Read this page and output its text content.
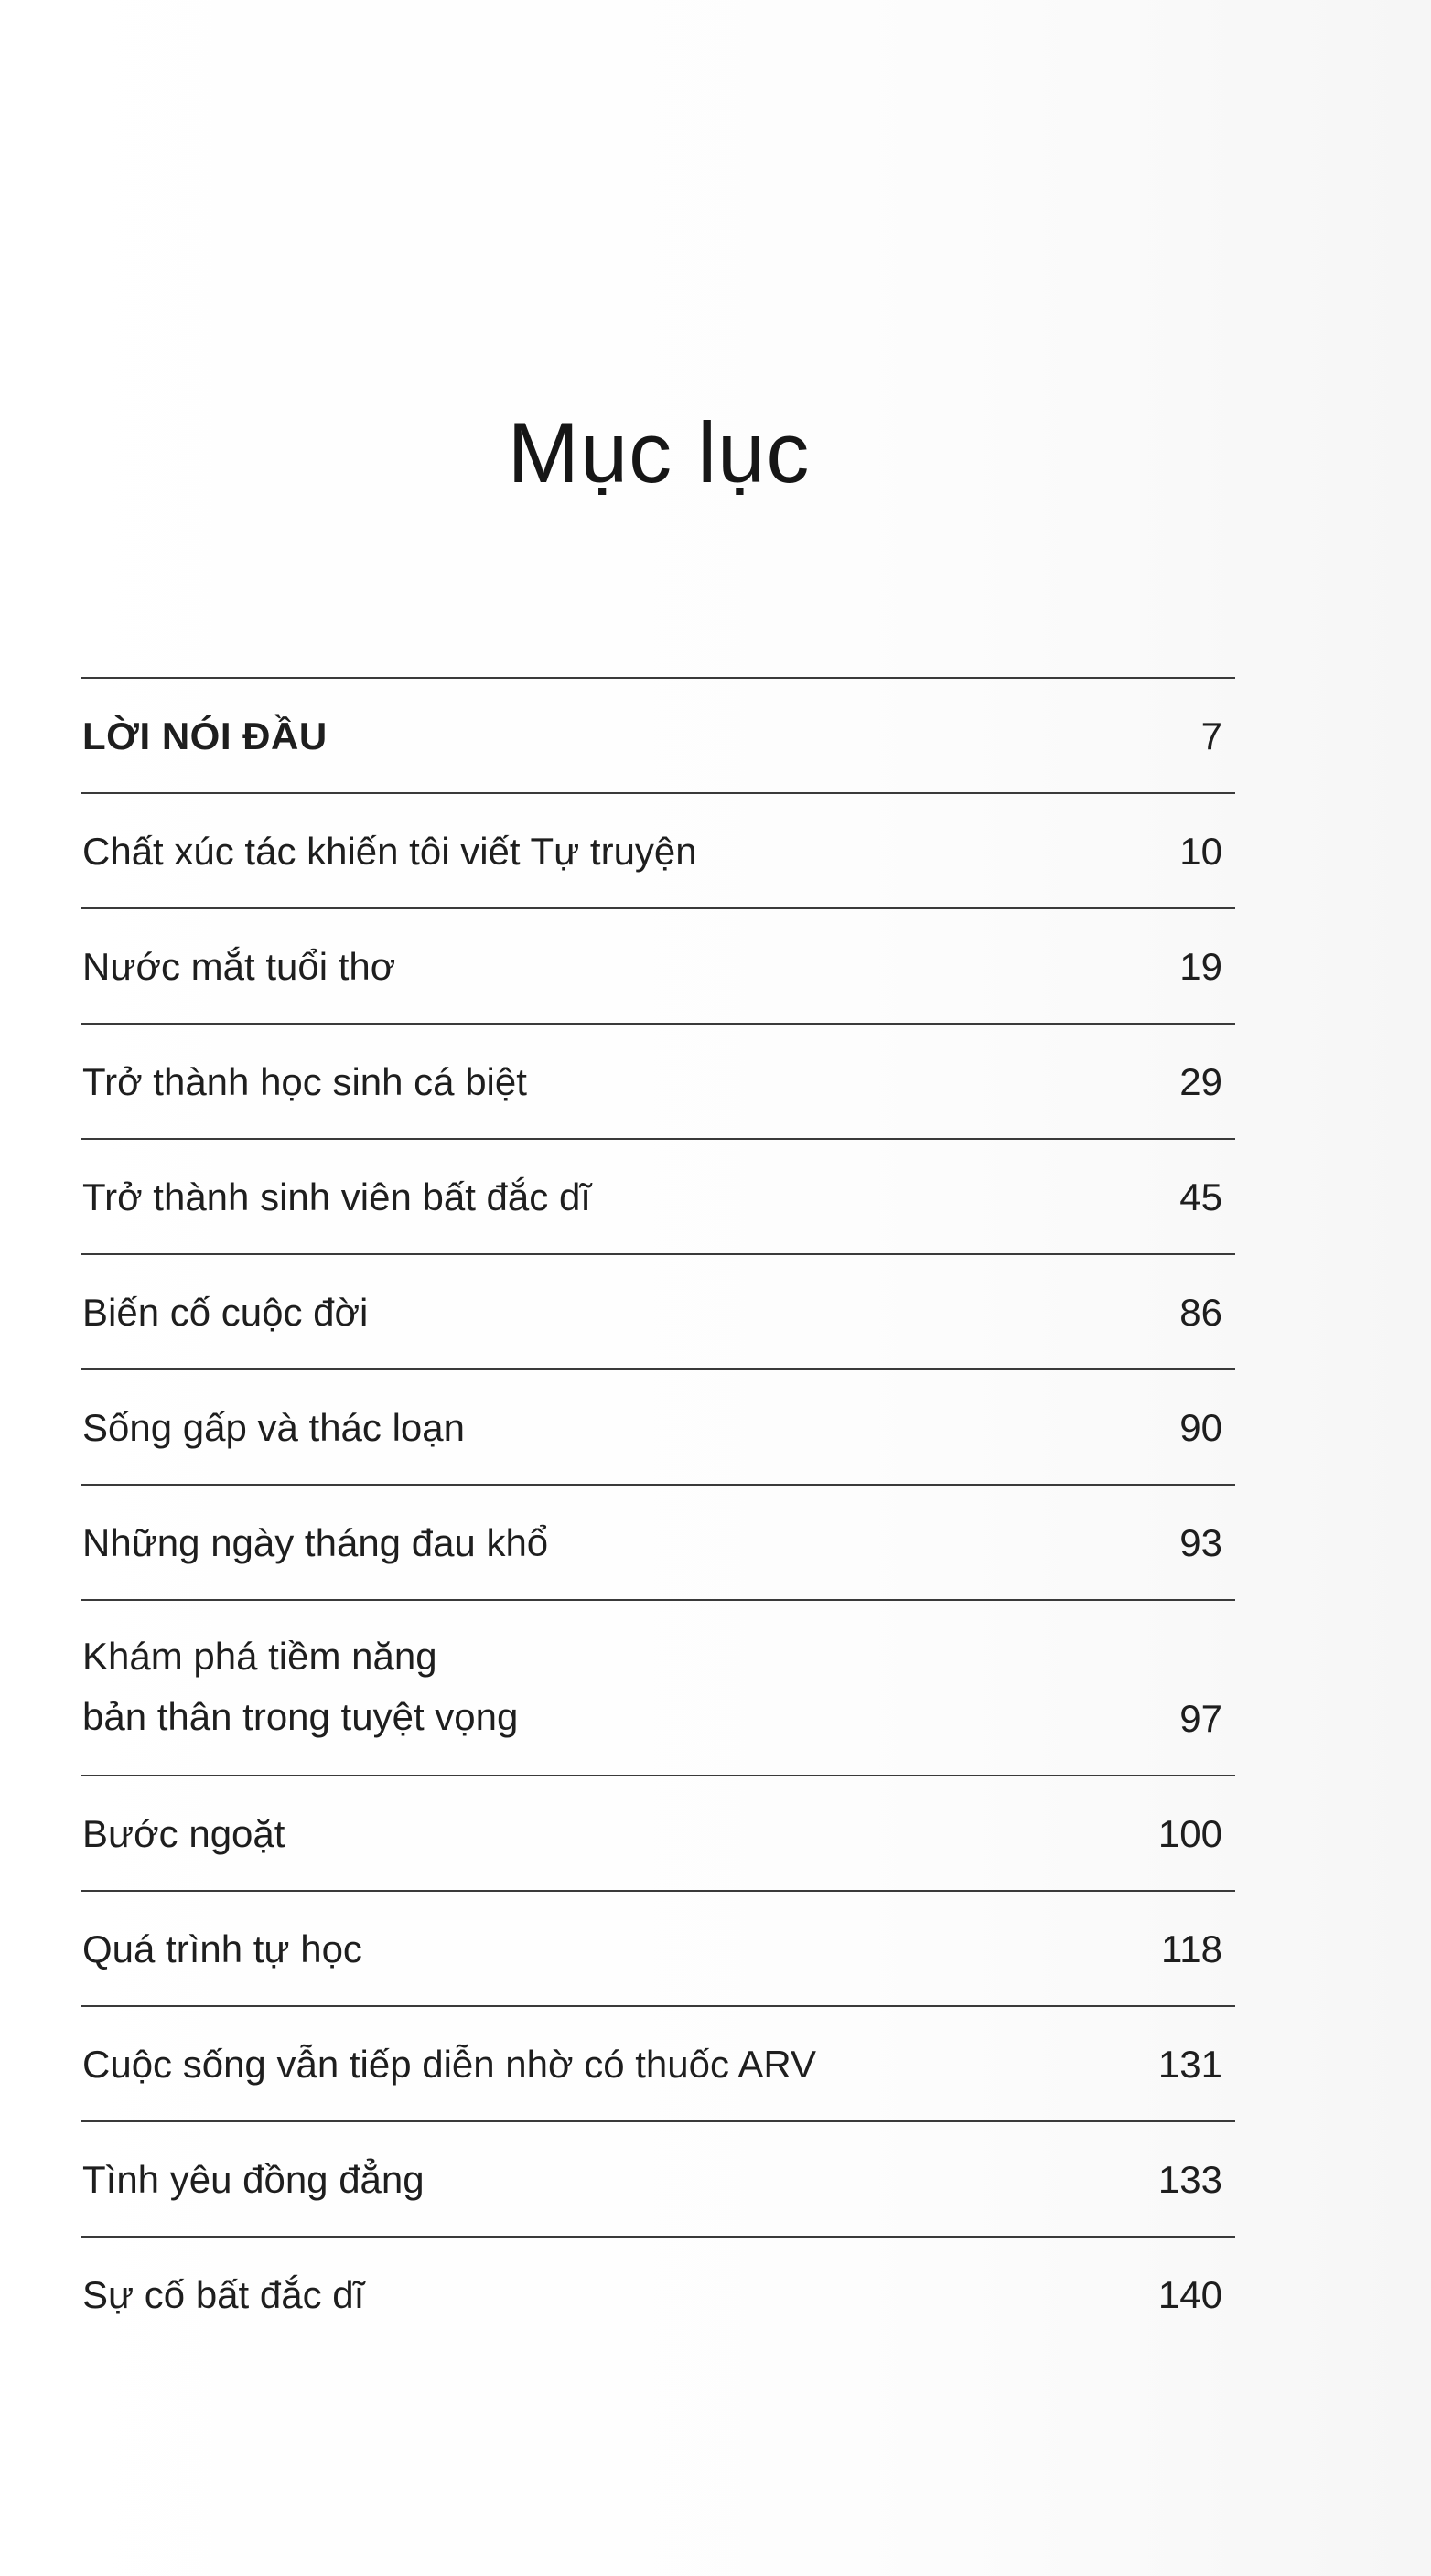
Mục lục
LỜI NÓI ĐẦU	7
Chất xúc tác khiến tôi viết Tự truyện	10
Nước mắt tuổi thơ	19
Trở thành học sinh cá biệt	29
Trở thành sinh viên bất đắc dĩ	45
Biến cố cuộc đời	86
Sống gấp và thác loạn	90
Những ngày tháng đau khổ	93
Khám phá tiềm năng
bản thân trong tuyệt vọng	97
Bước ngoặt	100
Quá trình tự học	118
Cuộc sống vẫn tiếp diễn nhờ có thuốc ARV	131
Tình yêu đồng đẳng	133
Sự cố bất đắc dĩ	140
